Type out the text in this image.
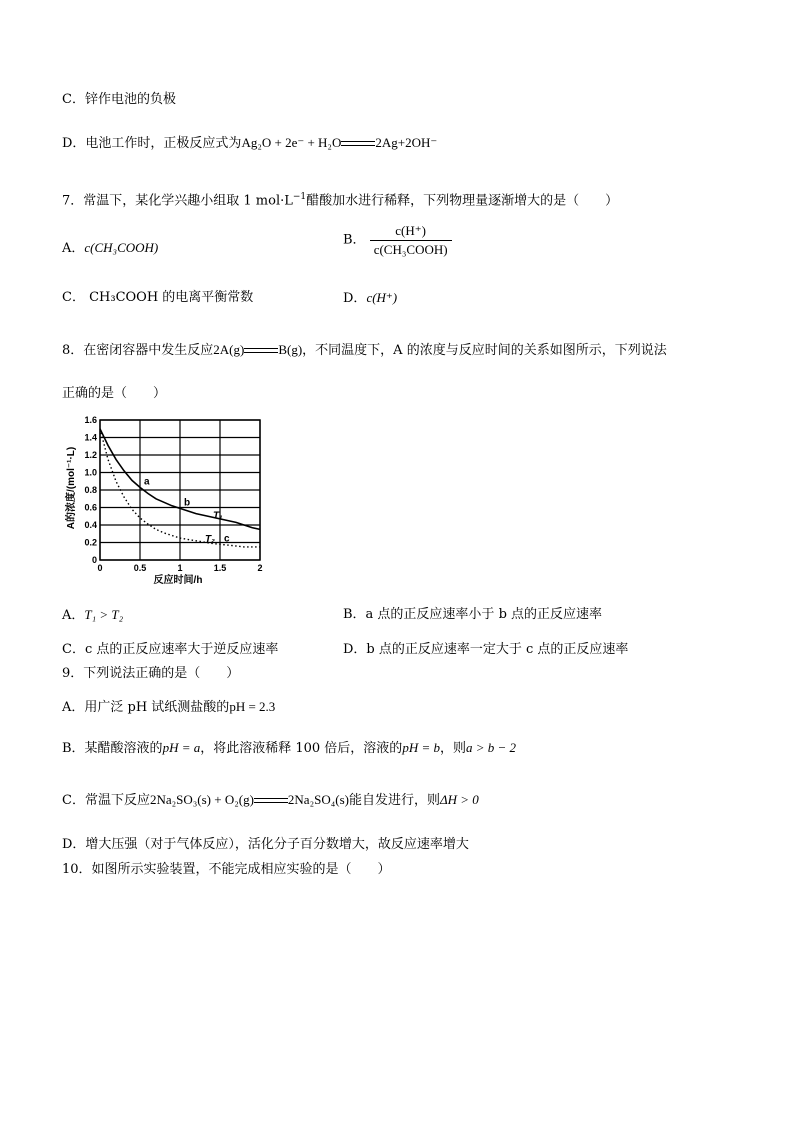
C．锌作电池的负极
D．电池工作时，正极反应式为Ag₂O + 2e⁻ + H₂O	2Ag+2OH⁻
7．常温下，某化学兴趣小组取 1 $mol\cdot L^{-1}$醋酸加水进行稀释，下列物理量逐渐增大的是（　　）
A．c(CH₃COOH)	B． $\frac{c(H^+)}{\text{c(CH₃COOH)}}$
C． CH₃COOH 的电离平衡常数	D．c(H⁺)
8．在密闭容器中发生反应2A(g)	B(g)，不同温度下，A 的浓度与反应时间的关系如图所示，下列说法
正确的是（　　）
0	0.5	1	1.5	2
0
0.2
0.4
0.6
0.8
1.0
1.2
1.4
1.6
a
b
c
T₁
T₂
反应时间/h
A的浓度/(mol⁻¹·L)
A．T₁ > T₂	B．a 点的正反应速率小于 b 点的正反应速率
C．c 点的正反应速率大于逆反应速率	D．b 点的正反应速率一定大于 c 点的正反应速率
9．下列说法正确的是（　　）
A．用广泛 pH 试纸测盐酸的pH = 2.3
B．某醋酸溶液的pH = a，将此溶液稀释 100 倍后，溶液的pH = b，则a > b − 2
C．常温下反应2Na₂SO₃(s) + O₂(g)	2Na₂SO₄(s)能自发进行，则ΔH > 0
D．增大压强（对于气体反应），活化分子百分数增大，故反应速率增大
10．如图所示实验装置，不能完成相应实验的是（　　）
